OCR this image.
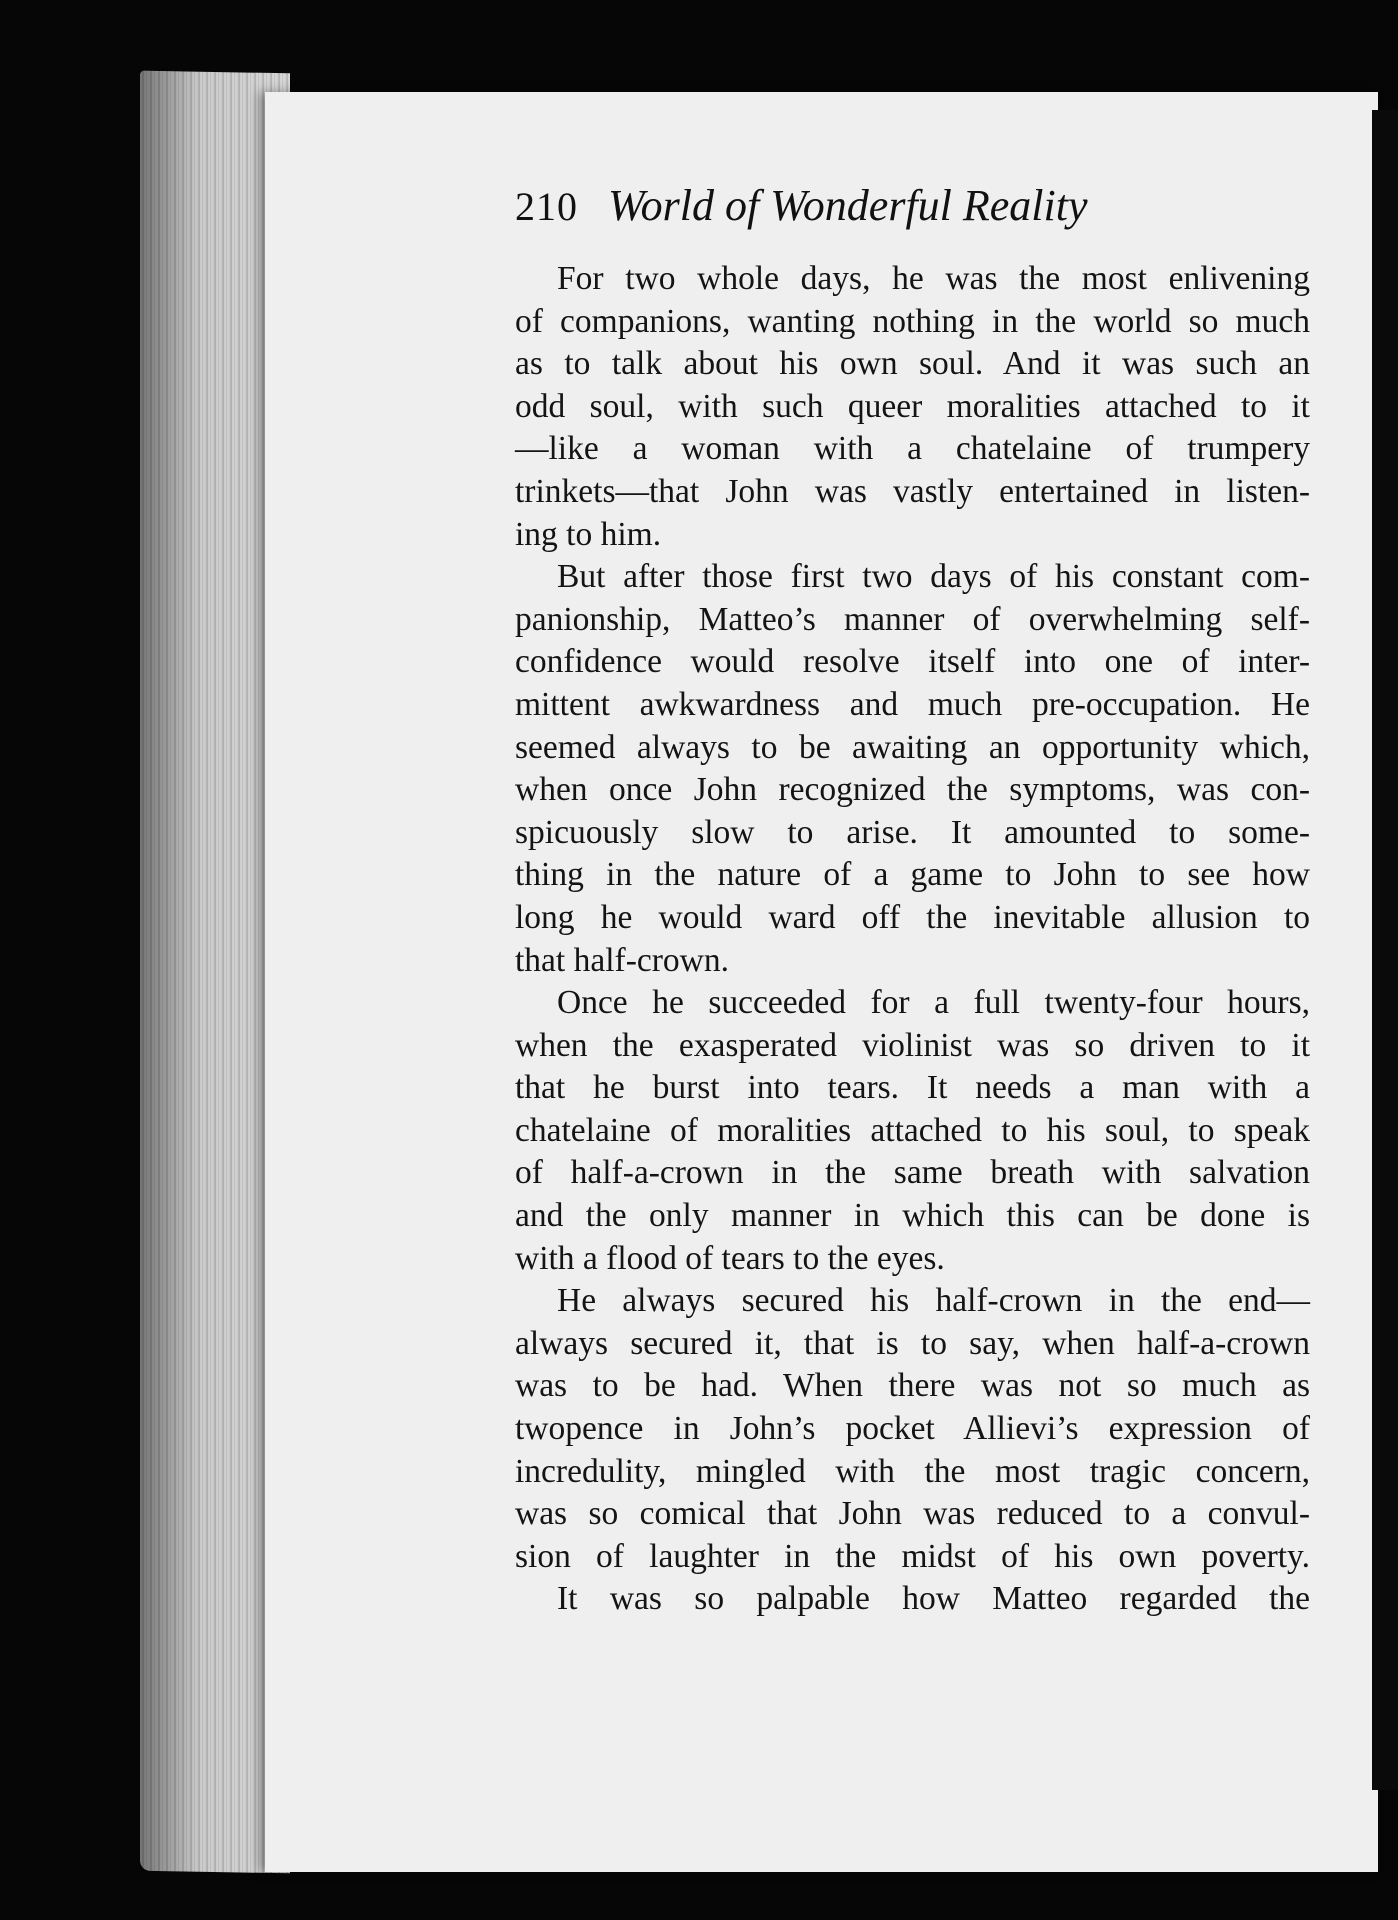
210 World of Wonderful Reality
For two whole days, he was the most enlivening
of companions, wanting nothing in the world so much
as to talk about his own soul. And it was such an
odd soul, with such queer moralities attached to it
—like a woman with a chatelaine of trumpery
trinkets—that John was vastly entertained in listen-
ing to him.
But after those first two days of his constant com-
panionship, Matteo’s manner of overwhelming self-
confidence would resolve itself into one of inter-
mittent awkwardness and much pre-occupation. He
seemed always to be awaiting an opportunity which,
when once John recognized the symptoms, was con-
spicuously slow to arise. It amounted to some-
thing in the nature of a game to John to see how
long he would ward off the inevitable allusion to
that half-crown.
Once he succeeded for a full twenty-four hours,
when the exasperated violinist was so driven to it
that he burst into tears. It needs a man with a
chatelaine of moralities attached to his soul, to speak
of half-a-crown in the same breath with salvation
and the only manner in which this can be done is
with a flood of tears to the eyes.
He always secured his half-crown in the end—
always secured it, that is to say, when half-a-crown
was to be had. When there was not so much as
twopence in John’s pocket Allievi’s expression of
incredulity, mingled with the most tragic concern,
was so comical that John was reduced to a convul-
sion of laughter in the midst of his own poverty.
It was so palpable how Matteo regarded the
